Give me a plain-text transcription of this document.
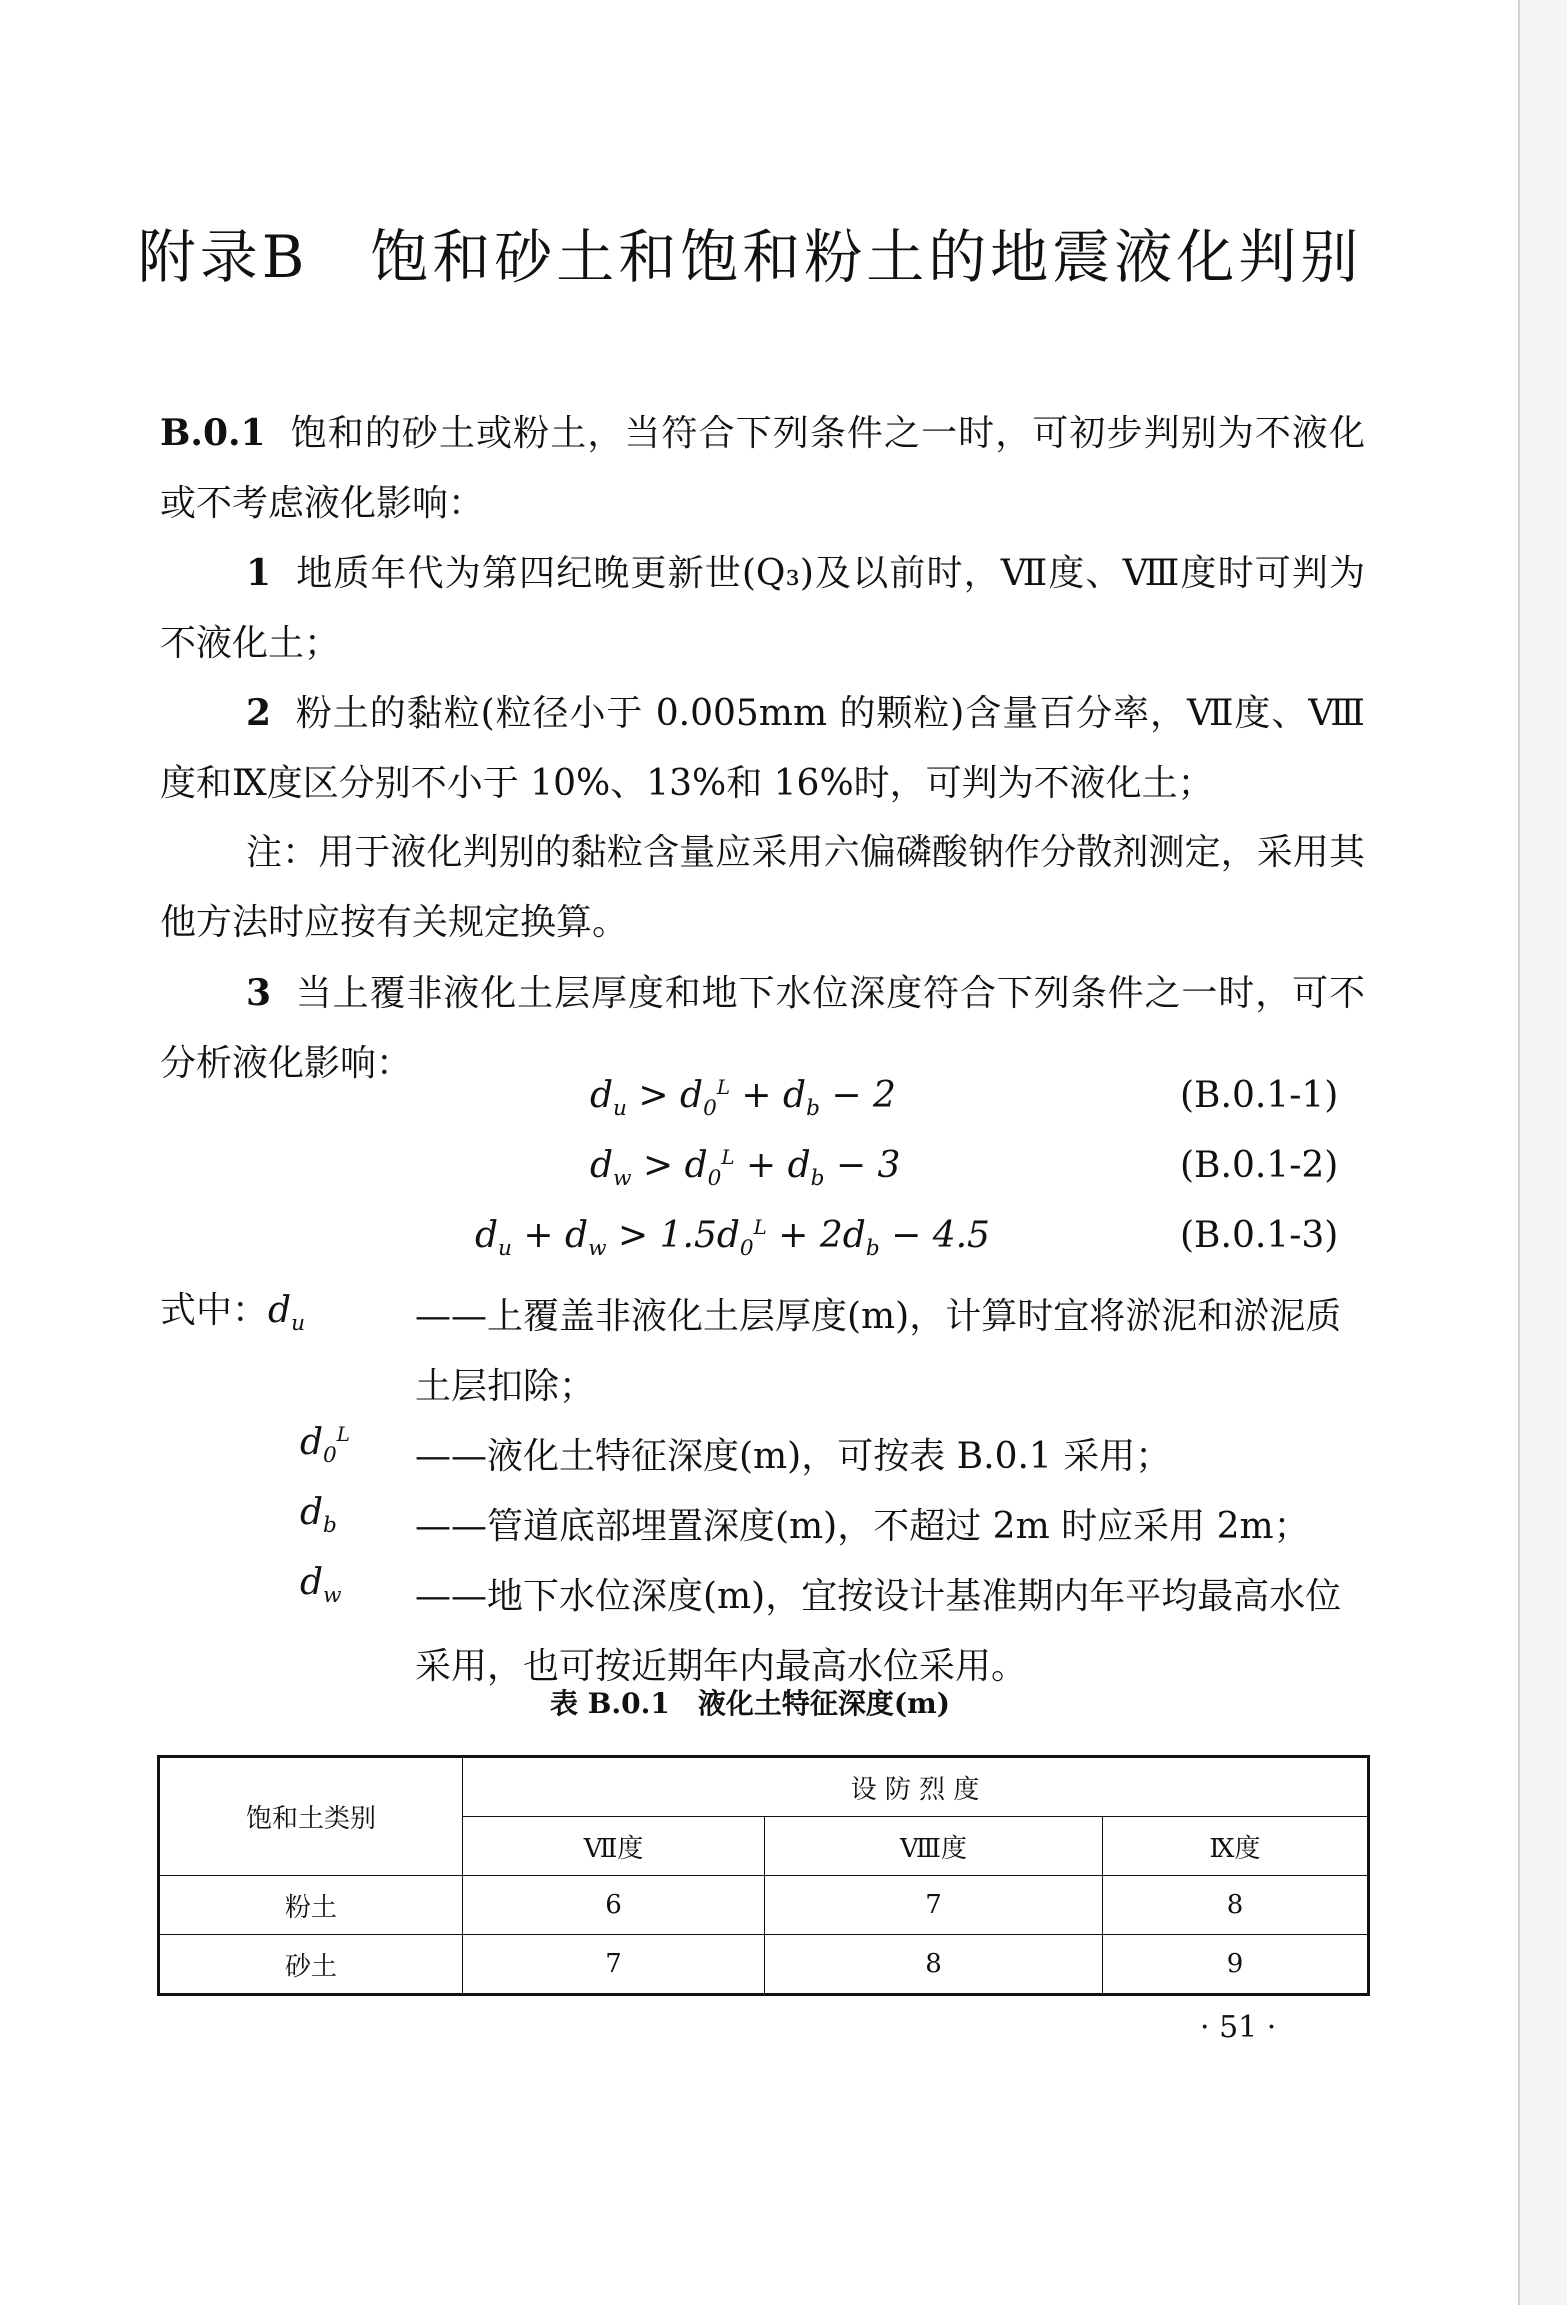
附录B　饱和砂土和饱和粉土的地震液化判别
B.0.1 饱和的砂土或粉土，当符合下列条件之一时，可初步判别为不液化或不考虑液化影响：
1 地质年代为第四纪晚更新世(Q₃)及以前时，Ⅶ度、Ⅷ度时可判为不液化土；
2 粉土的黏粒(粒径小于 0.005mm 的颗粒)含量百分率，Ⅶ度、Ⅷ度和Ⅸ度区分别不小于 10%、13%和 16%时，可判为不液化土；
注：用于液化判别的黏粒含量应采用六偏磷酸钠作分散剂测定，采用其他方法时应按有关规定换算。
3 当上覆非液化土层厚度和地下水位深度符合下列条件之一时，可不分析液化影响：
$d_u > d_0^L + d_b - 2$	(B.0.1-1)
$d_w > d_0^L + d_b - 3$	(B.0.1-2)
$d_u + d_w > 1.5d_0^L + 2d_b - 4.5$	(B.0.1-3)
式中：$d_u$	——上覆盖非液化土层厚度(m)，计算时宜将淤泥和淤泥质土层扣除；
$d_0^L$
——液化土特征深度(m)，可按表 B.0.1 采用；
$d_b$ ——管道底部埋置深度(m)，不超过 2m 时应采用 2m；
$d_w$ ——地下水位深度(m)，宜按设计基准期内年平均最高水位采用，也可按近期年内最高水位采用。
表 B.0.1　液化土特征深度(m)
饱和土类别	设 防 烈 度		
	Ⅶ度	Ⅷ度	Ⅸ度
粉土	6	7	8
砂土	7	8	9
· 51 ·
